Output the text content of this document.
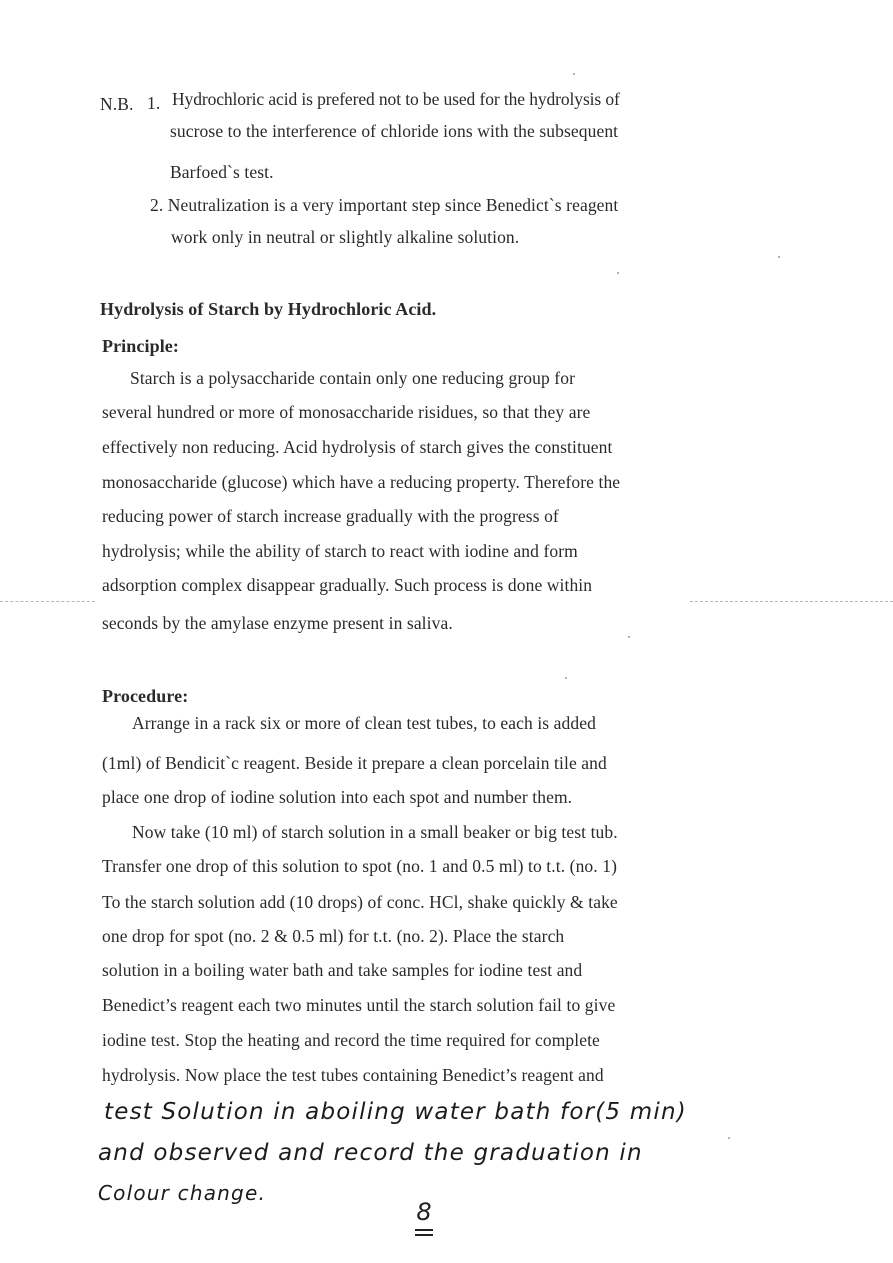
N.B. 1. Hydrochloric acid is prefered not to be used for the hydrolysis of
sucrose to the interference of chloride ions with the subsequent
Barfoed`s test.
2. Neutralization is a very important step since Benedict`s reagent
work only in neutral or slightly alkaline solution.
Hydrolysis of Starch by Hydrochloric Acid.
Principle:
Starch is a polysaccharide contain only one reducing group for
several hundred or more of monosaccharide risidues, so that they are
effectively non reducing. Acid hydrolysis of starch gives the constituent
monosaccharide (glucose) which have a reducing property. Therefore the
reducing power of starch increase gradually with the progress of
hydrolysis; while the ability of starch to react with iodine and form
adsorption complex disappear gradually. Such process is done within
seconds by the amylase enzyme present in saliva.
Procedure:
Arrange in a rack six or more of clean test tubes, to each is added
(1ml) of Bendicit`c reagent. Beside it prepare a clean porcelain tile and
place one drop of iodine solution into each spot and number them.
Now take (10 ml) of starch solution in a small beaker or big test tub.
Transfer one drop of this solution to spot (no. 1 and 0.5 ml) to t.t. (no. 1)
To the starch solution add (10 drops) of conc. HCl, shake quickly & take
one drop for spot (no. 2 & 0.5 ml) for t.t. (no. 2). Place the starch
solution in a boiling water bath and take samples for iodine test and
Benedict’s reagent each two minutes until the starch solution fail to give
iodine test. Stop the heating and record the time required for complete
hydrolysis. Now place the test tubes containing Benedict’s reagent and
test Solution in aboiling water bath for(5 min)
and observed and record the graduation in
Colour change.
8
